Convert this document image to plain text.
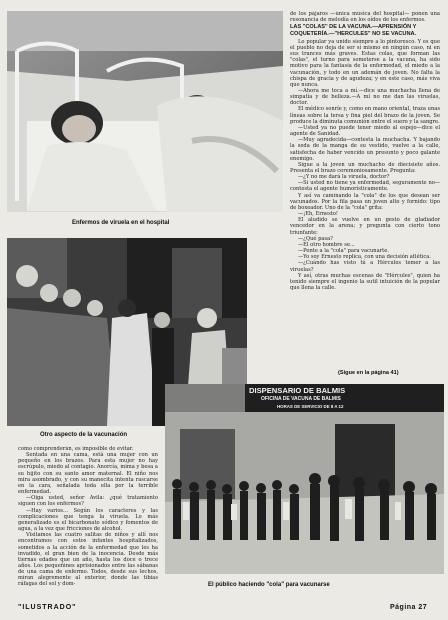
Enfermos de viruela en el hospital
Otro aspecto de la vacunación

de los pájaros —única música del hospital— ponen una resonancia de melodía en los oídos de los enfermos.

LAS "COLAS" DE LA VACUNA.—APRENSIÓN Y COQUETERÍA.—"HERCULES" NO SE VACUNA.

Lo popular ya unido siempre a lo pintoresco. Y es que el pueblo no deja de ser sí mismo en ningún caso, ni en sus trances más graves. Estas colas, que forman las "colas", el turno para someterse a la vacuna, ha sido motivo para la fantasía de la enfermedad, el miedo a la vacunación, y todo en un ademán de joven. No falta la chispa de gracia y de agudeza; y en este caso, más viva que nunca.

—Ahora me toca a mí.—dice una muchacha llena de simpatía y de belleza.—A mí no me dan las viruelas, doctor.

El médico sonríe y, como en mano oriental, traza unas líneas sobre la tersa y fina piel del brazo de la joven. Se produce la diminuta comunión entre el suero y la sangre.

—Usted ya no puede tener miedo al espejo—dice el agente de Sanidad.

—Muy agradecida—contesta la muchacha. Y bajando la seda de la manga de su vestido, vuelve a la calle, satisfecha de haber vencido un presunto y poco galante enemigo.

Sigue a la joven un muchacho de diecisiete años. Presenta el brazo ceremoniosamente. Pregunta:

—¿Y no me dará la viruela, doctor?

—Si usted no tiene ya enfermedad, seguramente no—contesta el agente humorísticamente.

Y así va caminando la "cola" de los que desean ser vacunados. Por la fila pasa un joven alto y fornido: tipo de boxeador. Uno de la "cola" grita:

—¡Eh, Ernesto!

El aludido se vuelve en un gesto de gladiador vencedor en la arena; y pregunta con cierto tono triunfante:

—¿Qué pasa?

—El otro hombre se...

—Ponte a la "cola" para vacunarte.

—Yo soy Ernesto replica, con una decisión atlética.

—¿Cuándo has visto tú a Hércules temer a las viruelas?

Y así, otras muchas escenas de "Hércules", quien ha tenido siempre el ingenio la sutil intuición de la popular que llena la calle.

(Sigue en la página 41)
DISPENSARIO DE BALMIS
OFICINA DE VACUNA DE BALMIS
HORAS DE SERVICIO DE 8 A 12
El público haciendo "cola" para vacunarse

como comprenderán, es imposible de evitar.

Sentada en una cama, está una mujer con un pequeño en los brazos. Para esta mujer no hay escrúpulo, miedo al contagio. Anorcía, mima y besa a su hijito con su santo amor maternal. El niño nos mira asombrado, y con su manecita intenta rascarse en la cara, señalada toda ella por la terrible enfermedad.

—Oiga usted, señor Avila: ¿qué tratamiento siguen con los enfermos?

—Hay varios... Según los caracteres y las complicaciones que tenga la viruela. Lo más generalizado es el bicarbonato sódico y fomentos de agua, a la vez que fricciones de alcohol.

Visitamos las cuatro salitas de niños y allí nos encontramos con estos infantes hospitalizados, sometidos a la acción de la enfermedad que les ha invadido, el gran bien de la inocencia. Desde más tiernas edades que un año, hasta los doce o trece años. Los pequeñines aprisionados entre las sábanas de una cama de enfermo. Todos, desde sus lechos, miran alegremente al exterior, donde las tibias ráfagas del sol y dom-

"ILUSTRADO"	Página 27
